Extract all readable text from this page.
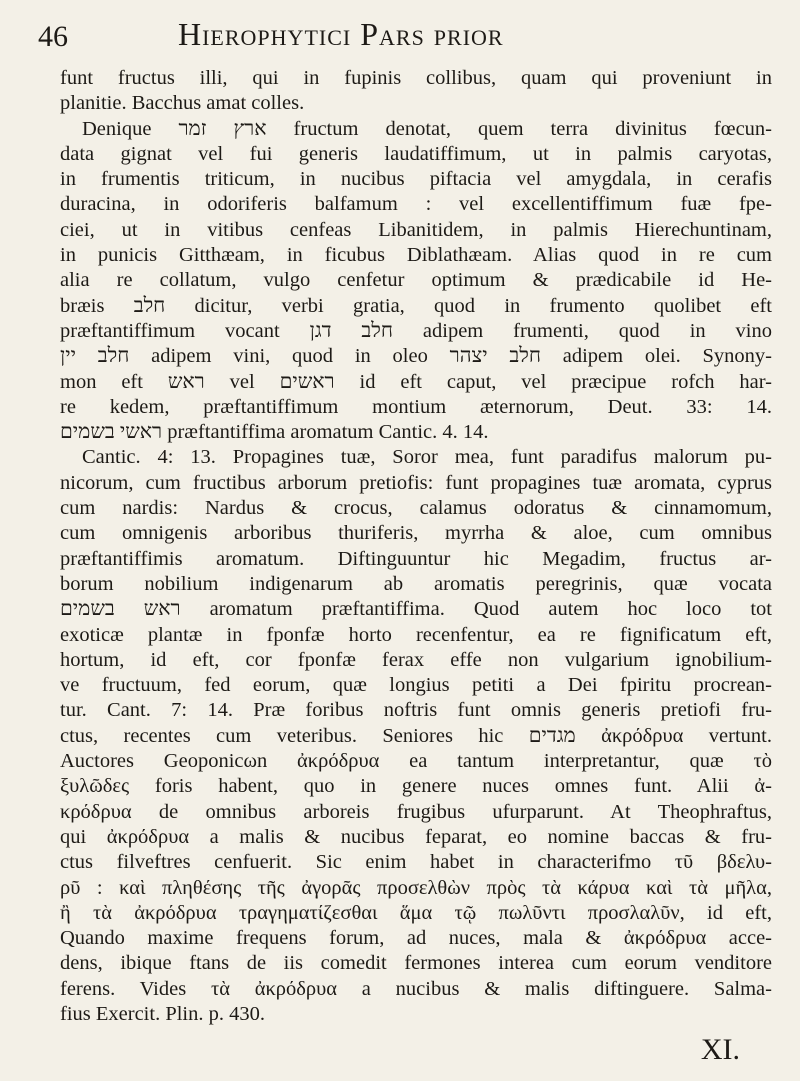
46	Hierophytici Pars prior
funt fructus illi, qui in fupinis collibus, quam qui proveniunt in
planitie. Bacchus amat colles.
Denique ארץ זמר fructum denotat, quem terra divinitus fœcun-
data gignat vel fui generis laudatiffimum, ut in palmis caryotas,
in frumentis triticum, in nucibus piftacia vel amygdala, in cerafis
duracina, in odoriferis balfamum : vel excellentiffimum fuæ fpe-
ciei, ut in vitibus cenfeas Libanitidem, in palmis Hierechuntinam,
in punicis Gitthæam, in ficubus Diblathæam. Alias quod in re cum
alia re collatum, vulgo cenfetur optimum & prædicabile id He-
bræis חלב dicitur, verbi gratia, quod in frumento quolibet eft
præftantiffimum vocant חלב דגן adipem frumenti, quod in vino
חלב יין adipem vini, quod in oleo חלב יצהר adipem olei. Synony-
mon eft ראש vel ראשים id eft caput, vel præcipue rofch har-
re kedem, præftantiffimum montium æternorum, Deut. 33: 14.
ראשי בשמים præftantiffima aromatum Cantic. 4. 14.
Cantic. 4: 13. Propagines tuæ, Soror mea, funt paradifus malorum pu-
nicorum, cum fructibus arborum pretiofis: funt propagines tuæ aromata, cyprus
cum nardis: Nardus & crocus, calamus odoratus & cinnamomum,
cum omnigenis arboribus thuriferis, myrrha & aloe, cum omnibus
præftantiffimis aromatum. Diftinguuntur hic Megadim, fructus ar-
borum nobilium indigenarum ab aromatis peregrinis, quæ vocata
ראש בשמים aromatum præftantiffima. Quod autem hoc loco tot
exoticæ plantæ in fponfæ horto recenfentur, ea re fignificatum eft,
hortum, id eft, cor fponfæ ferax effe non vulgarium ignobilium-
ve fructuum, fed eorum, quæ longius petiti a Dei fpiritu procrean-
tur. Cant. 7: 14. Præ foribus noftris funt omnis generis pretiofi fru-
ctus, recentes cum veteribus. Seniores hic מגדים ἀκρόδρυα vertunt.
Auctores Geoponicωn ἀκρόδρυα ea tantum interpretantur, quæ τὸ
ξυλῶδες foris habent, quo in genere nuces omnes funt. Alii ἀ-
κρόδρυα de omnibus arboreis frugibus ufurparunt. At Theophraftus,
qui ἀκρόδρυα a malis & nucibus feparat, eo nomine baccas & fru-
ctus filveftres cenfuerit. Sic enim habet in characterifmo τῦ βδελυ-
ρῦ : καὶ πληθέσης τῆς ἀγορᾶς προσελθὼν πρὸς τὰ κάρυα καὶ τὰ μῆλα,
ἢ τὰ ἀκρόδρυα τραγηματίζεσθαι ἅμα τῷ πωλῦντι προσλαλῦν, id eft,
Quando maxime frequens forum, ad nuces, mala & ἀκρόδρυα acce-
dens, ibique ftans de iis comedit fermones interea cum eorum venditore
ferens. Vides τὰ ἀκρόδρυα a nucibus & malis diftinguere. Salma-
fius Exercit. Plin. p. 430.
XI.
